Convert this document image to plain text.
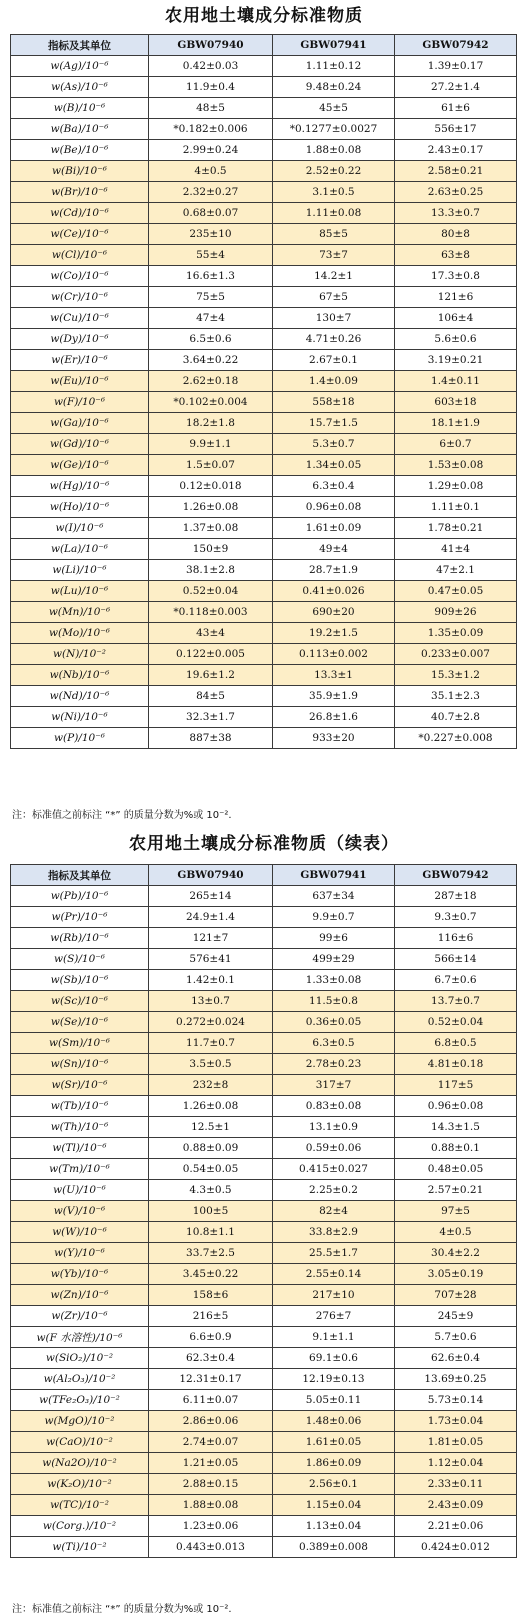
农用地土壤成分标准物质
指标及其单位	GBW07940	GBW07941	GBW07942
w(Ag)/10⁻⁶	0.42±0.03	1.11±0.12	1.39±0.17
w(As)/10⁻⁶	11.9±0.4	9.48±0.24	27.2±1.4
w(B)/10⁻⁶	48±5	45±5	61±6
w(Ba)/10⁻⁶	*0.182±0.006	*0.1277±0.0027	556±17
w(Be)/10⁻⁶	2.99±0.24	1.88±0.08	2.43±0.17
w(Bi)/10⁻⁶	4±0.5	2.52±0.22	2.58±0.21
w(Br)/10⁻⁶	2.32±0.27	3.1±0.5	2.63±0.25
w(Cd)/10⁻⁶	0.68±0.07	1.11±0.08	13.3±0.7
w(Ce)/10⁻⁶	235±10	85±5	80±8
w(Cl)/10⁻⁶	55±4	73±7	63±8
w(Co)/10⁻⁶	16.6±1.3	14.2±1	17.3±0.8
w(Cr)/10⁻⁶	75±5	67±5	121±6
w(Cu)/10⁻⁶	47±4	130±7	106±4
w(Dy)/10⁻⁶	6.5±0.6	4.71±0.26	5.6±0.6
w(Er)/10⁻⁶	3.64±0.22	2.67±0.1	3.19±0.21
w(Eu)/10⁻⁶	2.62±0.18	1.4±0.09	1.4±0.11
w(F)/10⁻⁶	*0.102±0.004	558±18	603±18
w(Ga)/10⁻⁶	18.2±1.8	15.7±1.5	18.1±1.9
w(Gd)/10⁻⁶	9.9±1.1	5.3±0.7	6±0.7
w(Ge)/10⁻⁶	1.5±0.07	1.34±0.05	1.53±0.08
w(Hg)/10⁻⁶	0.12±0.018	6.3±0.4	1.29±0.08
w(Ho)/10⁻⁶	1.26±0.08	0.96±0.08	1.11±0.1
w(I)/10⁻⁶	1.37±0.08	1.61±0.09	1.78±0.21
w(La)/10⁻⁶	150±9	49±4	41±4
w(Li)/10⁻⁶	38.1±2.8	28.7±1.9	47±2.1
w(Lu)/10⁻⁶	0.52±0.04	0.41±0.026	0.47±0.05
w(Mn)/10⁻⁶	*0.118±0.003	690±20	909±26
w(Mo)/10⁻⁶	43±4	19.2±1.5	1.35±0.09
w(N)/10⁻²	0.122±0.005	0.113±0.002	0.233±0.007
w(Nb)/10⁻⁶	19.6±1.2	13.3±1	15.3±1.2
w(Nd)/10⁻⁶	84±5	35.9±1.9	35.1±2.3
w(Ni)/10⁻⁶	32.3±1.7	26.8±1.6	40.7±2.8
w(P)/10⁻⁶	887±38	933±20	*0.227±0.008
注：标准值之前标注 “*” 的质量分数为%或 10⁻².
农用地土壤成分标准物质（续表）
指标及其单位	GBW07940	GBW07941	GBW07942
w(Pb)/10⁻⁶	265±14	637±34	287±18
w(Pr)/10⁻⁶	24.9±1.4	9.9±0.7	9.3±0.7
w(Rb)/10⁻⁶	121±7	99±6	116±6
w(S)/10⁻⁶	576±41	499±29	566±14
w(Sb)/10⁻⁶	1.42±0.1	1.33±0.08	6.7±0.6
w(Sc)/10⁻⁶	13±0.7	11.5±0.8	13.7±0.7
w(Se)/10⁻⁶	0.272±0.024	0.36±0.05	0.52±0.04
w(Sm)/10⁻⁶	11.7±0.7	6.3±0.5	6.8±0.5
w(Sn)/10⁻⁶	3.5±0.5	2.78±0.23	4.81±0.18
w(Sr)/10⁻⁶	232±8	317±7	117±5
w(Tb)/10⁻⁶	1.26±0.08	0.83±0.08	0.96±0.08
w(Th)/10⁻⁶	12.5±1	13.1±0.9	14.3±1.5
w(Tl)/10⁻⁶	0.88±0.09	0.59±0.06	0.88±0.1
w(Tm)/10⁻⁶	0.54±0.05	0.415±0.027	0.48±0.05
w(U)/10⁻⁶	4.3±0.5	2.25±0.2	2.57±0.21
w(V)/10⁻⁶	100±5	82±4	97±5
w(W)/10⁻⁶	10.8±1.1	33.8±2.9	4±0.5
w(Y)/10⁻⁶	33.7±2.5	25.5±1.7	30.4±2.2
w(Yb)/10⁻⁶	3.45±0.22	2.55±0.14	3.05±0.19
w(Zn)/10⁻⁶	158±6	217±10	707±28
w(Zr)/10⁻⁶	216±5	276±7	245±9
w(F 水溶性)/10⁻⁶	6.6±0.9	9.1±1.1	5.7±0.6
w(SiO₂)/10⁻²	62.3±0.4	69.1±0.6	62.6±0.4
w(Al₂O₃)/10⁻²	12.31±0.17	12.19±0.13	13.69±0.25
w(TFe₂O₃)/10⁻²	6.11±0.07	5.05±0.11	5.73±0.14
w(MgO)/10⁻²	2.86±0.06	1.48±0.06	1.73±0.04
w(CaO)/10⁻²	2.74±0.07	1.61±0.05	1.81±0.05
w(Na2O)/10⁻²	1.21±0.05	1.86±0.09	1.12±0.04
w(K₂O)/10⁻²	2.88±0.15	2.56±0.1	2.33±0.11
w(TC)/10⁻²	1.88±0.08	1.15±0.04	2.43±0.09
w(Corg.)/10⁻²	1.23±0.06	1.13±0.04	2.21±0.06
w(Ti)/10⁻²	0.443±0.013	0.389±0.008	0.424±0.012
注：标准值之前标注 “*” 的质量分数为%或 10⁻².
